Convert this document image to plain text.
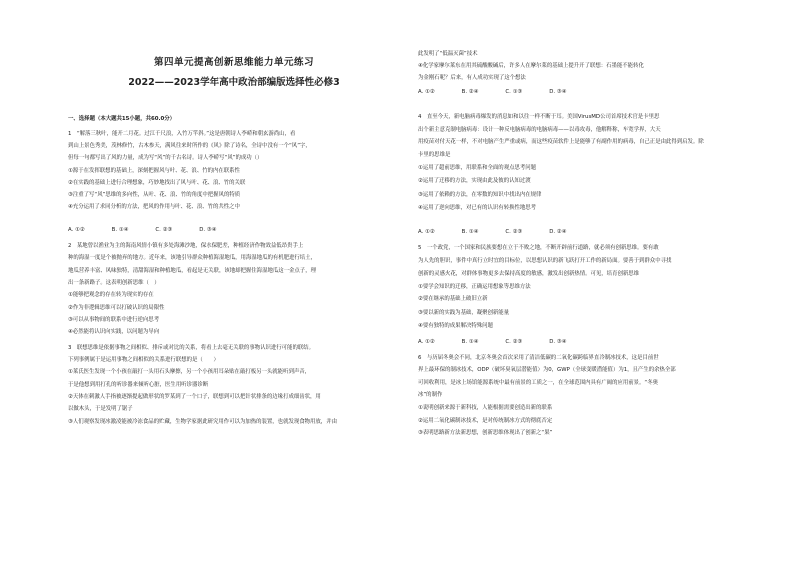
第四单元提高创新思维能力单元练习
2022——2023学年高中政治部编版选择性必修3
一、选择题（本大题共15小题，共60.0分）
1　“解落三秋叶，能开二月花。过江千尺浪，入竹万竿斜。”这是唐朝诗人李峤和朝玄游尚山，看
到山上景色秀美，茂林修竹，古木参天，满风往来时所作的《风》除了诗名，全诗中没有一个“风”字，
但每一句都写出了风的力量，成为写“风”的千古名诗。诗人李峤写“风”的成功（）
①源于在发挥联想的基础上，深刻把握风与叶、花、浪、竹的内在联系性
②在实践的基础上进行合理想象，巧妙地找出了风与叶、花、浪、竹的关联
③注重了写“风”思维的多向性，从叶、花、浪、竹的角度中把握风的特质
④充分运用了求同分析的方法，把风的作用与叶、花、浪、竹的共性之中
A. ①②　　　　　B. ①④　　　　　C. ②③　　　　　D. ③④
2　某地曾以渔业为主的海南风情小镇有多处海滩沙地，保水保肥差，种植经济作物效益低昂贵手上
种的海湿一度是个被抛弃的地方。近年来，该地引导群众种植海湿地瓜，用海湿地瓜的有机肥进行培土，
地瓜营养丰富、风味独特，清甜海湿和种植地瓜，看起是无关联，该地却把握住海湿地瓜这一金点子，理
出一条新路子。这表明创新思维（　）
①能够把观念的存在转为现实的存在
②作为非逻辑思维可以打破认识的局限性
③可以从事物间的联系中进行逆向思考
④必然能将认识向实践，以问题为导向
3　联想思维是依据事物之间相似、排斥或对比的关系，将看上去毫无关联的事物认识进行可能的联结。
下列事例属于是运用事物之间相似的关系进行联想的是（　　）
①莱氏医生发现一个小孩在敲打一头用石头摩擦，另一个小孩用耳朵贴在敲打板另一头就能听到声音，
于是他想到用打孔的听诊器来倾听心脏，医生用听诊器诊断
②天体在刺激人手指被逐渐提起做形状的罗某到了一个口子，联想到可以把针状排条的边缘打成细齿状，用
以做木头，于是发明了锯子
③人们观察发现冰激凌能被冷冻食品的贮藏，生物学家据此研究用作可以为加热的装置，也就发现食物用放，并由
此发明了“低温灭菌”技术
④化学家摩尔莱东在用其硫酸酸碱后，许多人在摩尔莱的基础上提升开了联想：石墨能不能转化
为金刚石呢？后来，有人成功实现了这个想法
A. ①②　　　　　B. ②④　　　　　C. ①③　　　　　D. ③④
4　直至今天，新电脑病毒爆发的消息如和以往一样不断于耳。美国VirusMD公司首席技术官是卡里思
出个新主意克制电脑病毒：设计一种反电脑病毒的电脑病毒——以毒攻毒，他解释称，车宽学界，大天
用疫苗对付天花一样，不对电脑产生严重或病，而这些疫苗软件上是能够了有副作用的病毒，自己正是由此得到启发。除
卡里的思维是
①运用了超前思维，用联系和全面的观点思考问题
②运用了迁移的方法，实现由此及彼的认知过渡
③运用了依赖的方法，在零数的知识中找出内在规律
④运用了逆向思维，对已有的认识有转换性地思考
A. ①②　　　　　B. ①④　　　　　C. ②③　　　　　D. ②④
5　一个政党，一个国家和民族要想在立于不败之地，不断开辟前行道路，就必须有创新思维。要有敢
为人先的胆识，事件中真行立时宜的目标位，以思想认识的新飞跃打开工作的新局面。要善于到群众中寻找
创新的灵感火花，对群体事物更多去保持高度的敏感，激发出创新热情。可见，培育创新思维
①要学会知识的迁移，正确运用想象等思维方法
②要在继承的基础上破旧立新
③要以新的实践为基础，凝聚创新能量
④要有独特的成果解决特殊问题
A. ①②　　　　　B. ①④　　　　　C. ②③　　　　　D. ③④
6　与历届冬奥会不同，北京冬奥会首次采用了清洁低碳的二氧化碳跨临界直冷制冰技术，这是目前世
界上最环保的制冰技术，ODP（破坏臭氧层潜能值）为0，GWP（全球变暖潜能值）为1，且产生的余热全部
可回收利用，是冰上场馆能源系统中最有前景的工质之一，在全球范围内具有广阔的应用前景。“冬奥
冰”的制作
①说明创新来源于新科技，人能根据需要创造出新的联系
②运用二氧化碳制冰技术，是对传统制冰方式的彻底否定
③表明思路新方法新思想，创新思维体现出了创新之“果”
